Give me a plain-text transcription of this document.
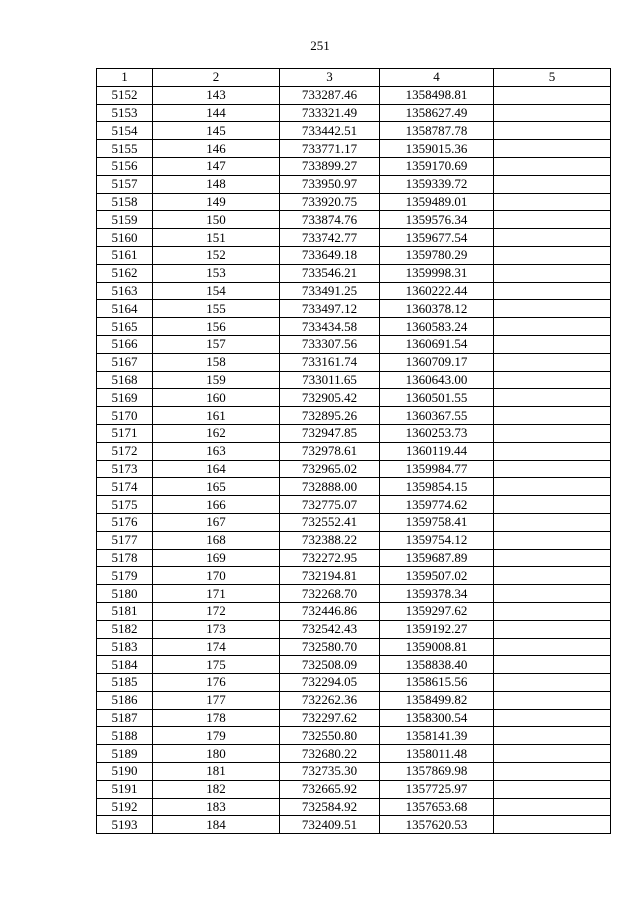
251
1	2	3	4	5
5152	143	733287.46	1358498.81	
5153	144	733321.49	1358627.49	
5154	145	733442.51	1358787.78	
5155	146	733771.17	1359015.36	
5156	147	733899.27	1359170.69	
5157	148	733950.97	1359339.72	
5158	149	733920.75	1359489.01	
5159	150	733874.76	1359576.34	
5160	151	733742.77	1359677.54	
5161	152	733649.18	1359780.29	
5162	153	733546.21	1359998.31	
5163	154	733491.25	1360222.44	
5164	155	733497.12	1360378.12	
5165	156	733434.58	1360583.24	
5166	157	733307.56	1360691.54	
5167	158	733161.74	1360709.17	
5168	159	733011.65	1360643.00	
5169	160	732905.42	1360501.55	
5170	161	732895.26	1360367.55	
5171	162	732947.85	1360253.73	
5172	163	732978.61	1360119.44	
5173	164	732965.02	1359984.77	
5174	165	732888.00	1359854.15	
5175	166	732775.07	1359774.62	
5176	167	732552.41	1359758.41	
5177	168	732388.22	1359754.12	
5178	169	732272.95	1359687.89	
5179	170	732194.81	1359507.02	
5180	171	732268.70	1359378.34	
5181	172	732446.86	1359297.62	
5182	173	732542.43	1359192.27	
5183	174	732580.70	1359008.81	
5184	175	732508.09	1358838.40	
5185	176	732294.05	1358615.56	
5186	177	732262.36	1358499.82	
5187	178	732297.62	1358300.54	
5188	179	732550.80	1358141.39	
5189	180	732680.22	1358011.48	
5190	181	732735.30	1357869.98	
5191	182	732665.92	1357725.97	
5192	183	732584.92	1357653.68	
5193	184	732409.51	1357620.53	
